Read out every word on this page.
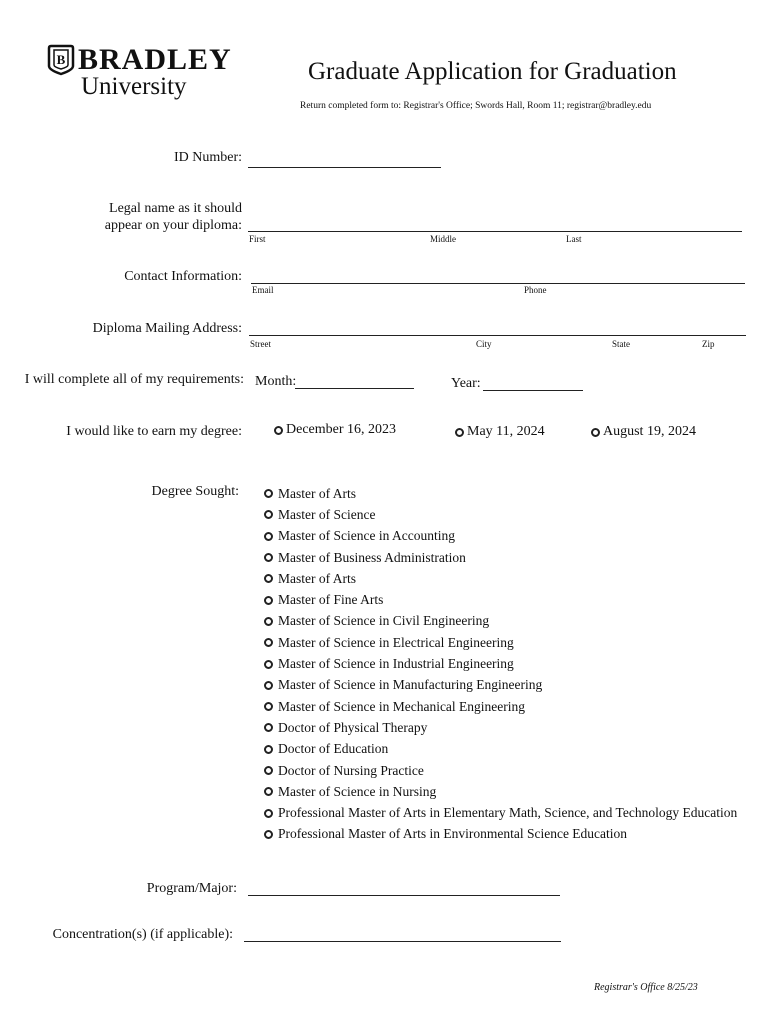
B BRADLEY
University
Graduate Application for Graduation
Return completed form to: Registrar's Office; Swords Hall, Room 11; registrar@bradley.edu
ID Number:
Legal name as it should
appear on your diploma:
First	Middle	Last
Contact Information:
Email	Phone
Diploma Mailing Address:
Street	City	State	Zip
I will complete all of my requirements: Month:	Year:
I would like to earn my degree:	December 16, 2023	May 11, 2024	August 19, 2024
Degree Sought:	Master of Arts
Master of Science
Master of Science in Accounting
Master of Business Administration
Master of Arts
Master of Fine Arts
Master of Science in Civil Engineering
Master of Science in Electrical Engineering
Master of Science in Industrial Engineering
Master of Science in Manufacturing Engineering
Master of Science in Mechanical Engineering
Doctor of Physical Therapy
Doctor of Education
Doctor of Nursing Practice
Master of Science in Nursing
Professional Master of Arts in Elementary Math, Science, and Technology Education
Professional Master of Arts in Environmental Science Education
Program/Major:
Concentration(s) (if applicable):
Registrar's Office 8/25/23
